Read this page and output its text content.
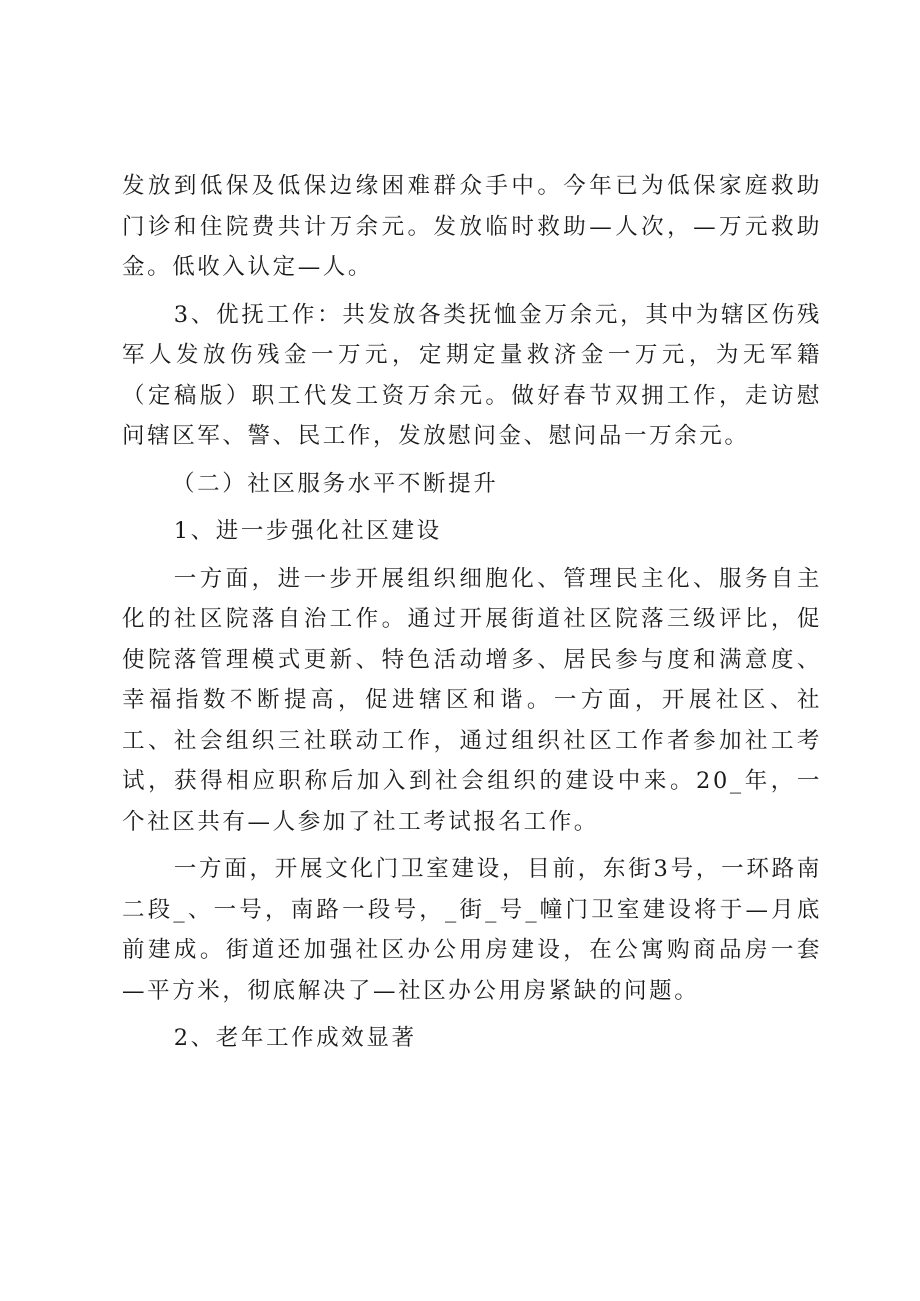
发放到低保及低保边缘困难群众手中。今年已为低保家庭救助门诊和住院费共计万余元。发放临时救助—人次，—万元救助金。低收入认定—人。

3、优抚工作：共发放各类抚恤金万余元，其中为辖区伤残军人发放伤残金一万元，定期定量救济金一万元，为无军籍（定稿版）职工代发工资万余元。做好春节双拥工作，走访慰问辖区军、警、民工作，发放慰问金、慰问品一万余元。

（二）社区服务水平不断提升

1、进一步强化社区建设

一方面，进一步开展组织细胞化、管理民主化、服务自主化的社区院落自治工作。通过开展街道社区院落三级评比，促使院落管理模式更新、特色活动增多、居民参与度和满意度、幸福指数不断提高，促进辖区和谐。一方面，开展社区、社工、社会组织三社联动工作，通过组织社区工作者参加社工考试，获得相应职称后加入到社会组织的建设中来。20_年，一个社区共有—人参加了社工考试报名工作。

一方面，开展文化门卫室建设，目前，东街3号，一环路南二段_、一号，南路一段号，_街_号_幢门卫室建设将于—月底前建成。街道还加强社区办公用房建设，在公寓购商品房一套—平方米，彻底解决了—社区办公用房紧缺的问题。

2、老年工作成效显著
